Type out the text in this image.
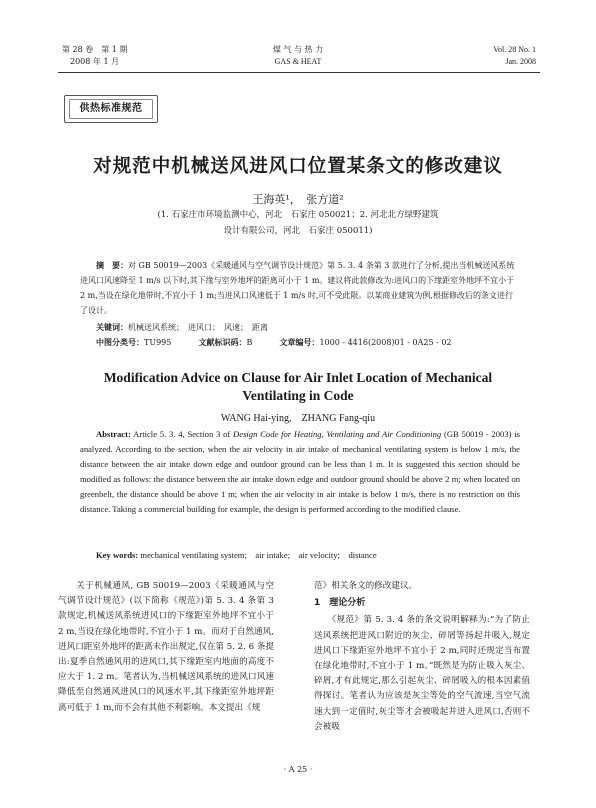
第 28 卷　第 1 期
2008 年 1 月
煤 气 与 热 力
GAS & HEAT
Vol. 28 No. 1
Jan. 2008
供热标准规范
对规范中机械送风进风口位置某条文的修改建议
王海英¹，　张方道²
(1. 石家庄市环境监测中心，河北　石家庄 050021；2. 河北北方绿野建筑
设计有限公司，河北　石家庄 050011)
摘　要：对 GB 50019—2003《采暖通风与空气调节设计规范》第 5. 3. 4 条第 3 款进行了分析,提出当机械送风系统进风口风速降至 1 m/s 以下时,其下缘与室外地坪的距离可小于 1 m。建议将此款修改为:进风口的下缘距室外地坪不宜小于 2 m,当设在绿化地带时,不宜小于 1 m;当进风口风速低于 1 m/s 时,可不受此限。以某商业建筑为例,根据修改后的条文进行了设计。
关键词：机械送风系统；　进风口；　风速；　距离
中图分类号：TU995	文献标识码：B	文章编号：1000 - 4416(2008)01 - 0A25 - 02
Modification Advice on Clause for Air Inlet Location of Mechanical
Ventilating in Code
WANG Hai-ying,　ZHANG Fang-qiu
Abstract: Article 5. 3. 4, Section 3 of Design Code for Heating, Ventilating and Air Conditioning (GB 50019 - 2003) is analyzed. According to the section, when the air velocity in air intake of mechanical ventilating system is below 1 m/s, the distance between the air intake down edge and outdoor ground can be less than 1 m. It is suggested this section should be modified as follows: the distance between the air intake down edge and outdoor ground should be above 2 m; when located on greenbelt, the distance should be above 1 m; when the air velocity in air intake is below 1 m/s, there is no restriction on this distance. Taking a commercial building for example, the design is performed according to the modified clause.
Key words: mechanical ventilating system;　air intake;　air velocity;　distance

　　关于机械通风, GB 50019—2003《采暖通风与空气调节设计规范》(以下简称《规范》)第 5. 3. 4 条第 3 款规定,机械送风系统进风口的下缘距室外地坪不宜小于 2 m,当设在绿化地带时,不宜小于 1 m。而对于自然通风,进风口距室外地坪的距离未作出规定,仅在第 5. 2. 6 条提出:夏季自然通风用的进风口,其下缘距室内地面的高度不应大于 1. 2 m。笔者认为,当机械送风系统的进风口风速降低至自然通风进风口的风速水平,其下缘距室外地坪距离可低于 1 m,而不会有其他不利影响。本文提出《规

范》相关条文的修改建议。

1　理论分析

　　《规范》第 5. 3. 4 条的条文说明解释为:“为了防止送风系统把进风口附近的灰尘、碎屑等扬起并吸入,规定进风口下缘距室外地坪不宜小于 2 m,同时还规定当布置在绿化地带时,不宜小于 1 m。”既然是为防止吸入灰尘、碎屑,才有此规定,那么引起灰尘、碎屑吸入的根本因素值得探讨。笔者认为应该是灰尘等处的空气流速,当空气流速大到一定值时,灰尘等才会被吸起并进入进风口,否则不会被吸

· A 25 ·
